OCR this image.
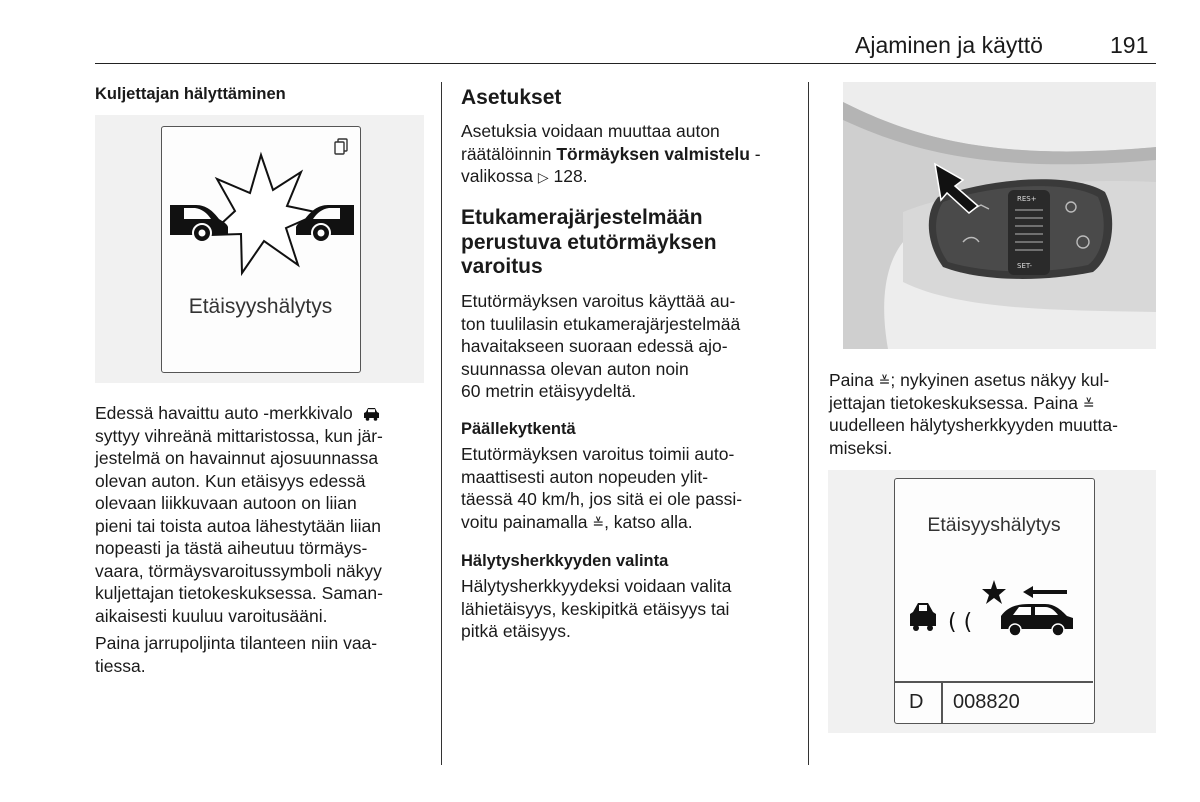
Ajaminen ja käyttö	191
Kuljettajan hälyttäminen
Etäisyyshälytys
Edessä havaittu auto -merkkivalo
syttyy vihreänä mittaristossa, kun jär-
jestelmä on havainnut ajosuunnassa
olevan auton. Kun etäisyys edessä
olevaan liikkuvaan autoon on liian
pieni tai toista autoa lähestytään liian
nopeasti ja tästä aiheutuu törmäys-
vaara, törmäysvaroitussymboli näkyy
kuljettajan tietokeskuksessa. Saman-
aikaisesti kuuluu varoitusääni.
Paina jarrupoljinta tilanteen niin vaa-
tiessa.
Asetukset
Asetuksia voidaan muuttaa auton
räätälöinnin Törmäyksen valmistelu -
valikossa ▷ 128.
Etukamerajärjestelmään
perustuva etutörmäyksen
varoitus
Etutörmäyksen varoitus käyttää au-
ton tuulilasin etukamerajärjestelmää
havaitakseen suoraan edessä ajo-
suunnassa olevan auton noin
60 metrin etäisyydeltä.
Päällekytkentä
Etutörmäyksen varoitus toimii auto-
maattisesti auton nopeuden ylit-
täessä 40 km/h, jos sitä ei ole passi-
voitu painamalla ≚, katso alla.
Hälytysherkkyyden valinta
Hälytysherkkyydeksi voidaan valita
lähietäisyys, keskipitkä etäisyys tai
pitkä etäisyys.
RES+
SET-
Paina ≚; nykyinen asetus näkyy kul-
jettajan tietokeskuksessa. Paina ≚
uudelleen hälytysherkkyyden muutta-
miseksi.
Etäisyyshälytys
( (
D 008820
